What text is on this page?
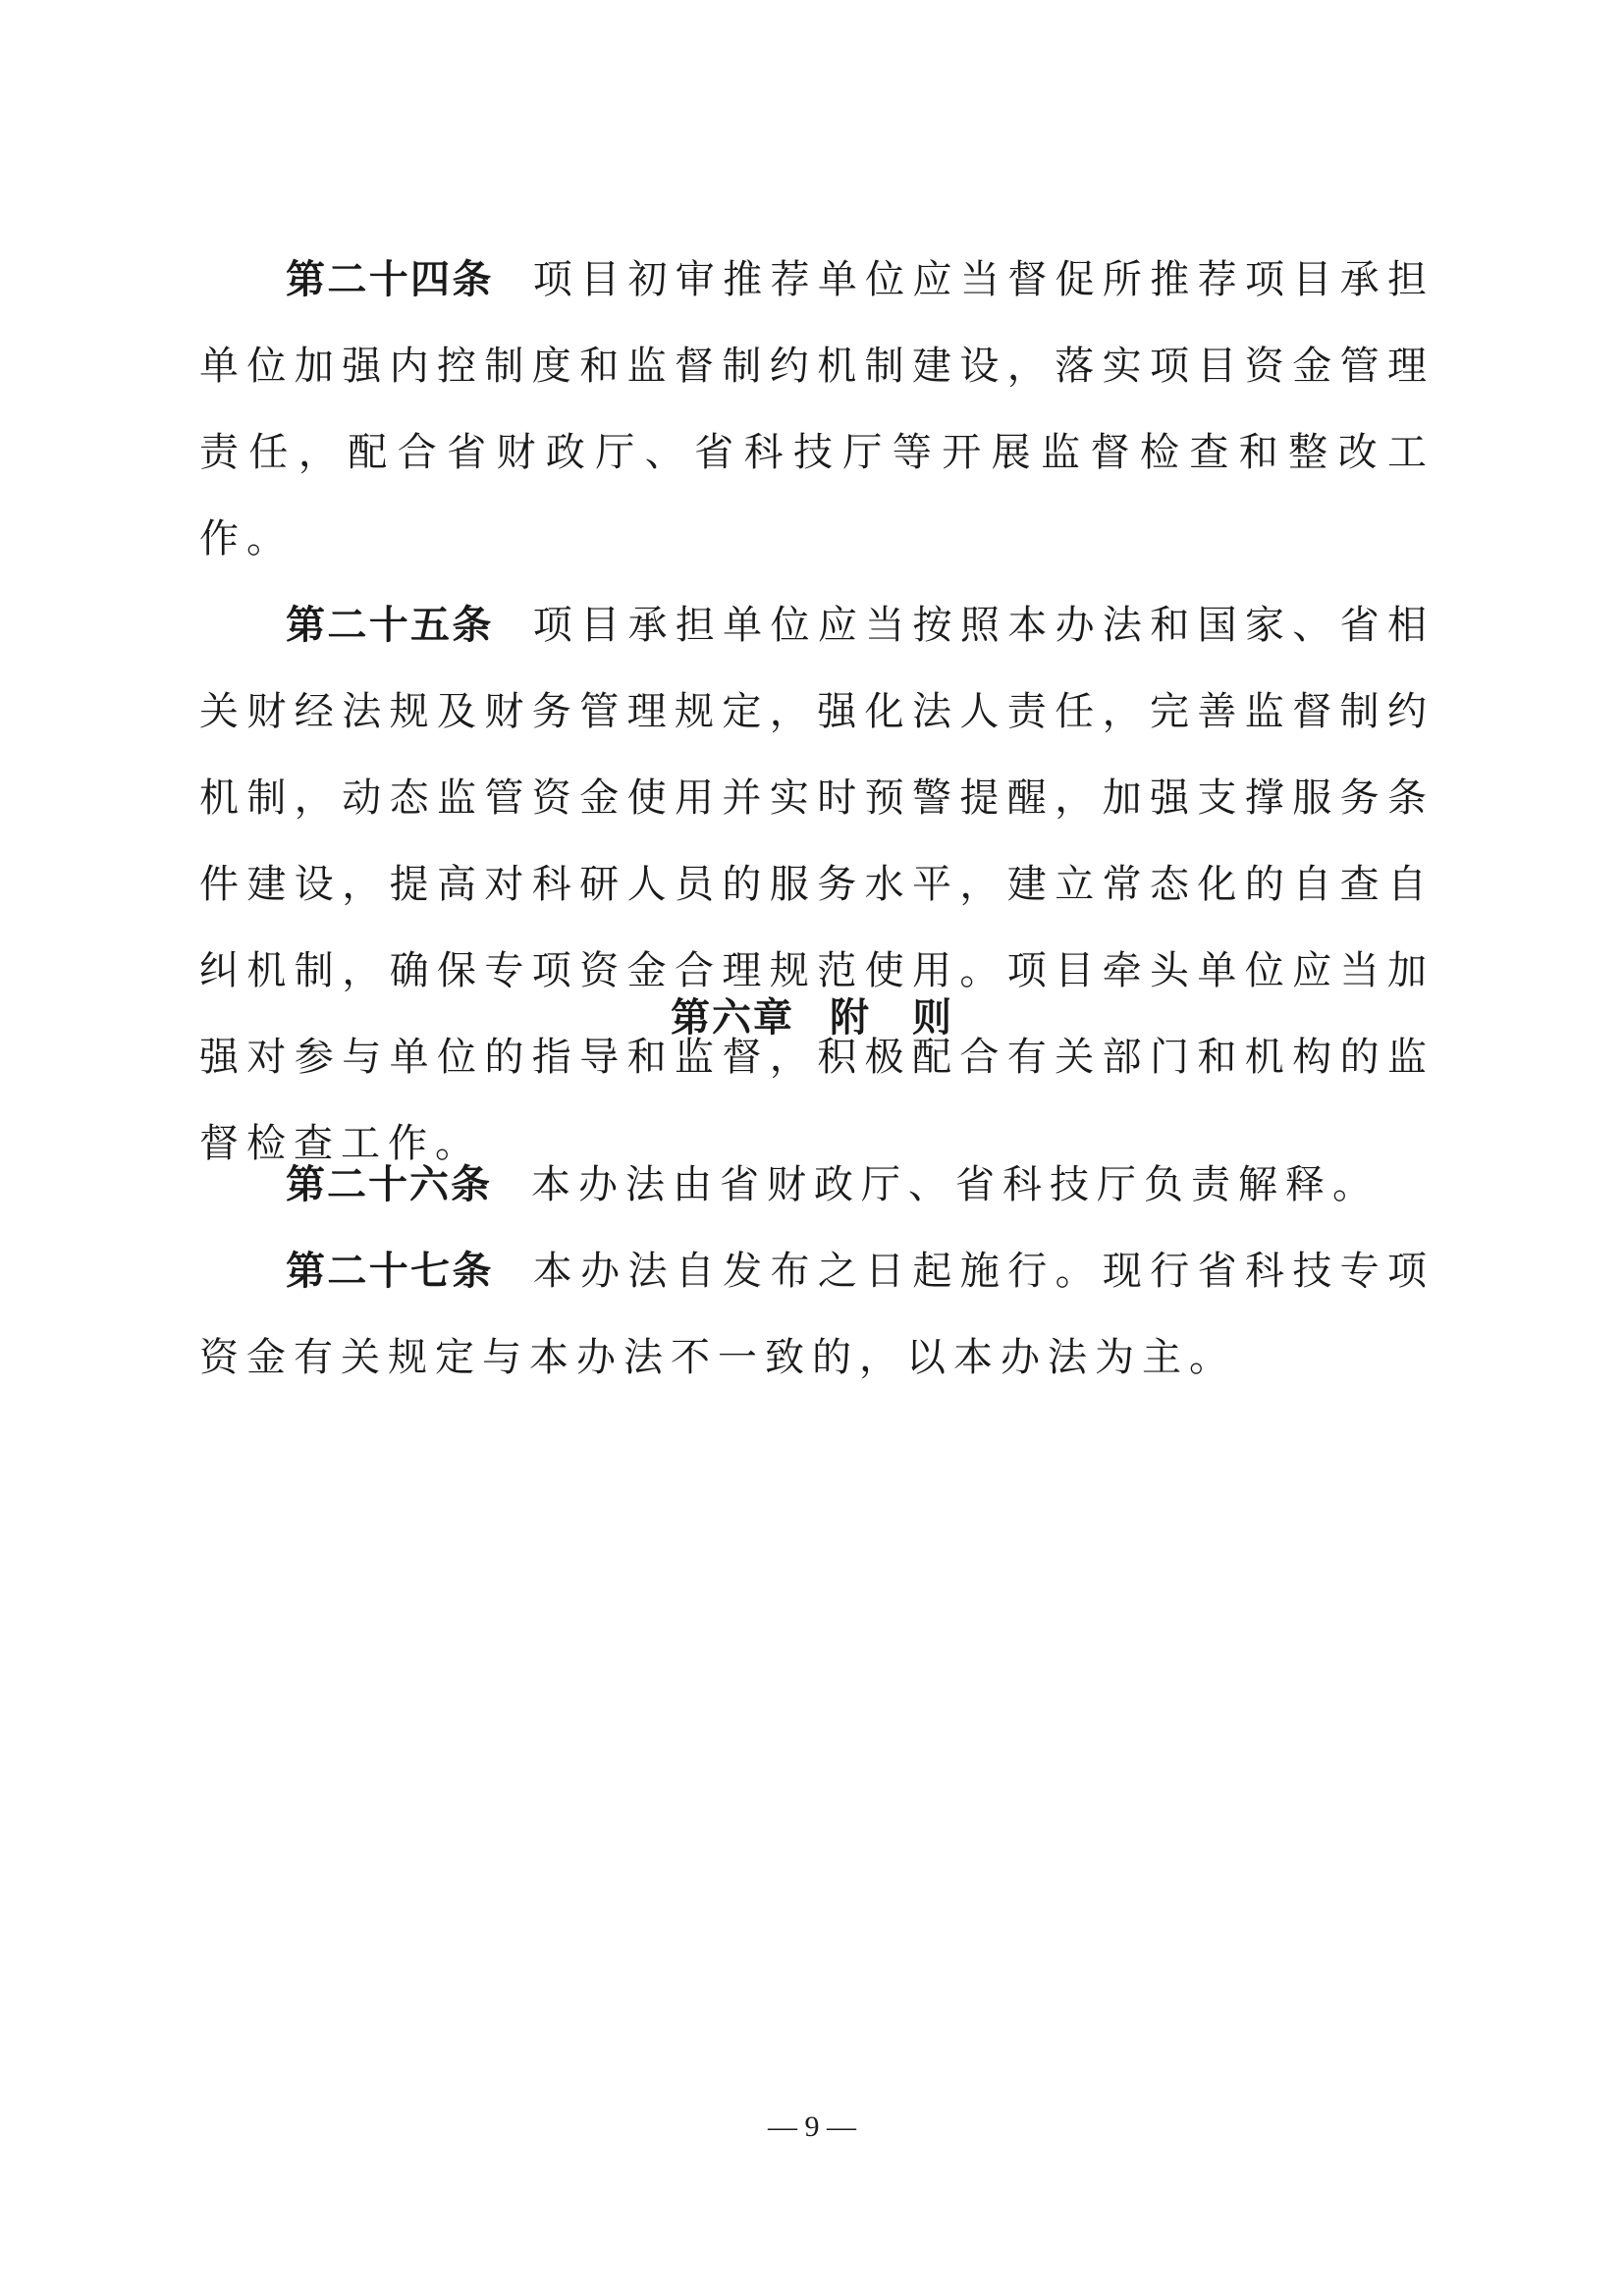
第二十四条 项目初审推荐单位应当督促所推荐项目承担单位加强内控制度和监督制约机制建设，落实项目资金管理责任，配合省财政厅、省科技厅等开展监督检查和整改工作。

第二十五条 项目承担单位应当按照本办法和国家、省相关财经法规及财务管理规定，强化法人责任，完善监督制约机制，动态监管资金使用并实时预警提醒，加强支撑服务条件建设，提高对科研人员的服务水平，建立常态化的自查自纠机制，确保专项资金合理规范使用。项目牵头单位应当加强对参与单位的指导和监督，积极配合有关部门和机构的监督检查工作。

第六章 附　则

第二十六条 本办法由省财政厅、省科技厅负责解释。

第二十七条 本办法自发布之日起施行。现行省科技专项资金有关规定与本办法不一致的，以本办法为主。

— 9 —
